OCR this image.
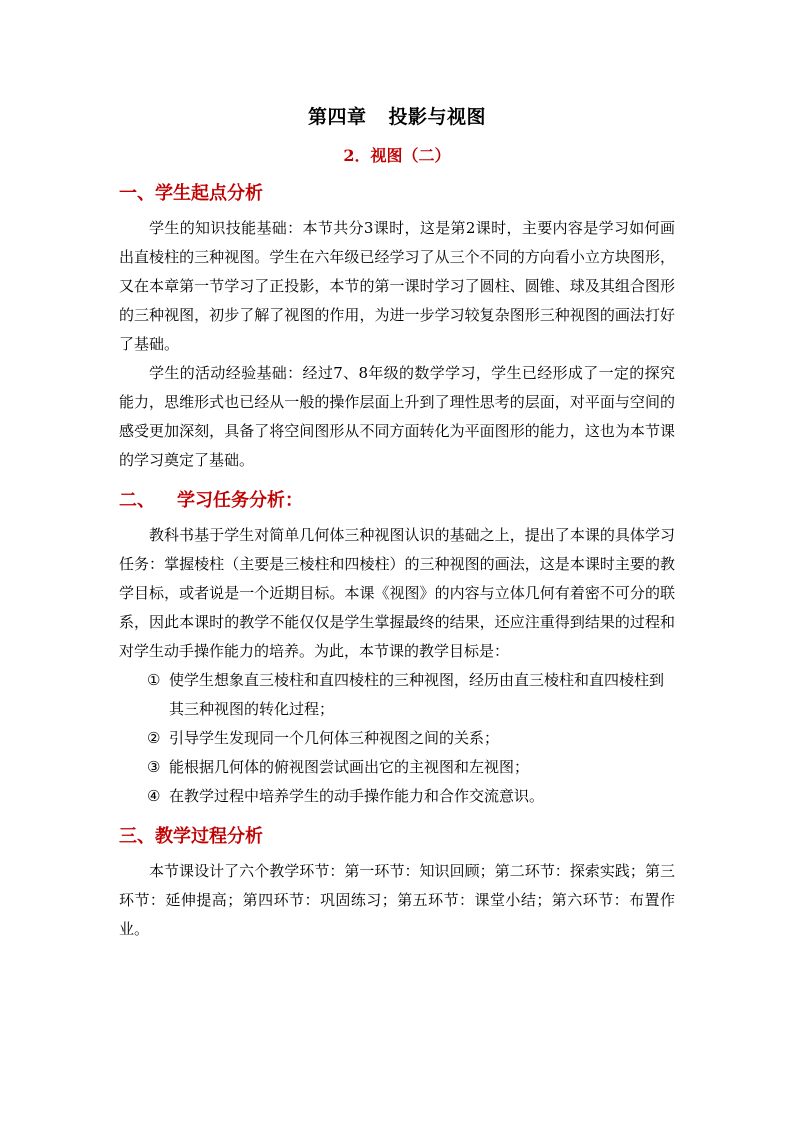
第四章 投影与视图
2．视图（二）
一、学生起点分析

学生的知识技能基础：本节共分3课时，这是第2课时，主要内容是学习如何画出直棱柱的三种视图。学生在六年级已经学习了从三个不同的方向看小立方块图形，又在本章第一节学习了正投影，本节的第一课时学习了圆柱、圆锥、球及其组合图形的三种视图，初步了解了视图的作用，为进一步学习较复杂图形三种视图的画法打好了基础。

学生的活动经验基础：经过7、8年级的数学学习，学生已经形成了一定的探究能力，思维形式也已经从一般的操作层面上升到了理性思考的层面，对平面与空间的感受更加深刻，具备了将空间图形从不同方面转化为平面图形的能力，这也为本节课的学习奠定了基础。

二、 学习任务分析：

教科书基于学生对简单几何体三种视图认识的基础之上，提出了本课的具体学习任务：掌握棱柱（主要是三棱柱和四棱柱）的三种视图的画法，这是本课时主要的教学目标，或者说是一个近期目标。本课《视图》的内容与立体几何有着密不可分的联系，因此本课时的教学不能仅仅是学生掌握最终的结果，还应注重得到结果的过程和对学生动手操作能力的培养。为此，本节课的教学目标是：

① 使学生想象直三棱柱和直四棱柱的三种视图，经历由直三棱柱和直四棱柱到其三种视图的转化过程；
② 引导学生发现同一个几何体三种视图之间的关系；
③ 能根据几何体的俯视图尝试画出它的主视图和左视图；
④ 在教学过程中培养学生的动手操作能力和合作交流意识。
三、教学过程分析

本节课设计了六个教学环节：第一环节：知识回顾；第二环节：探索实践；第三环节：延伸提高；第四环节：巩固练习；第五环节：课堂小结；第六环节：布置作业。
